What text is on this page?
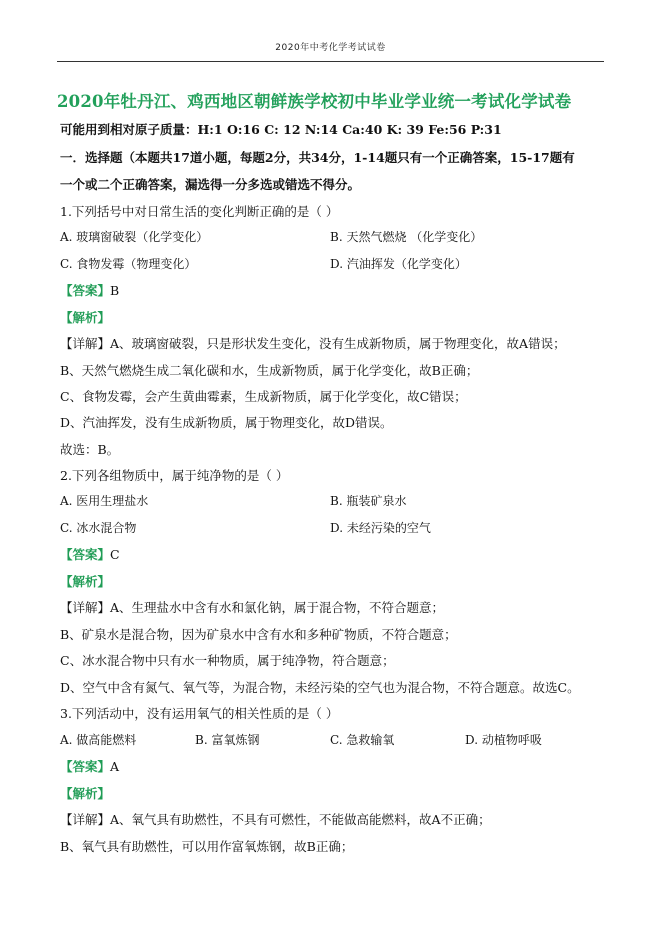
2020年中考化学考试试卷
2020年牡丹江、鸡西地区朝鲜族学校初中毕业学业统一考试化学试卷
可能用到相对原子质量：H:1 O:16 C: 12 N:14 Ca:40 K: 39 Fe:56 P:31
一．选择题（本题共17道小题，每题2分，共34分，1-14题只有一个正确答案，15-17题有
一个或二个正确答案，漏选得一分多选或错选不得分。
1.下列括号中对日常生活的变化判断正确的是（ ）
A. 玻璃窗破裂（化学变化）	B. 天然气燃烧 （化学变化）
C. 食物发霉（物理变化）	D. 汽油挥发（化学变化）
【答案】B
【解析】
【详解】A、玻璃窗破裂，只是形状发生变化，没有生成新物质，属于物理变化，故A错误；
B、天然气燃烧生成二氧化碳和水，生成新物质，属于化学变化，故B正确；
C、食物发霉，会产生黄曲霉素，生成新物质，属于化学变化，故C错误；
D、汽油挥发，没有生成新物质，属于物理变化，故D错误。
故选：B。
2.下列各组物质中，属于纯净物的是（ ）
A. 医用生理盐水	B. 瓶装矿泉水
C. 冰水混合物	D. 未经污染的空气
【答案】C
【解析】
【详解】A、生理盐水中含有水和氯化钠，属于混合物，不符合题意；
B、矿泉水是混合物，因为矿泉水中含有水和多种矿物质，不符合题意；
C、冰水混合物中只有水一种物质，属于纯净物，符合题意；
D、空气中含有氮气、氧气等，为混合物，未经污染的空气也为混合物，不符合题意。故选C。
3.下列活动中，没有运用氧气的相关性质的是（ ）
A. 做高能燃料	B. 富氧炼钢	C. 急救输氧	D. 动植物呼吸
【答案】A
【解析】
【详解】A、氧气具有助燃性，不具有可燃性，不能做高能燃料，故A不正确；
B、氧气具有助燃性，可以用作富氧炼钢，故B正确；
